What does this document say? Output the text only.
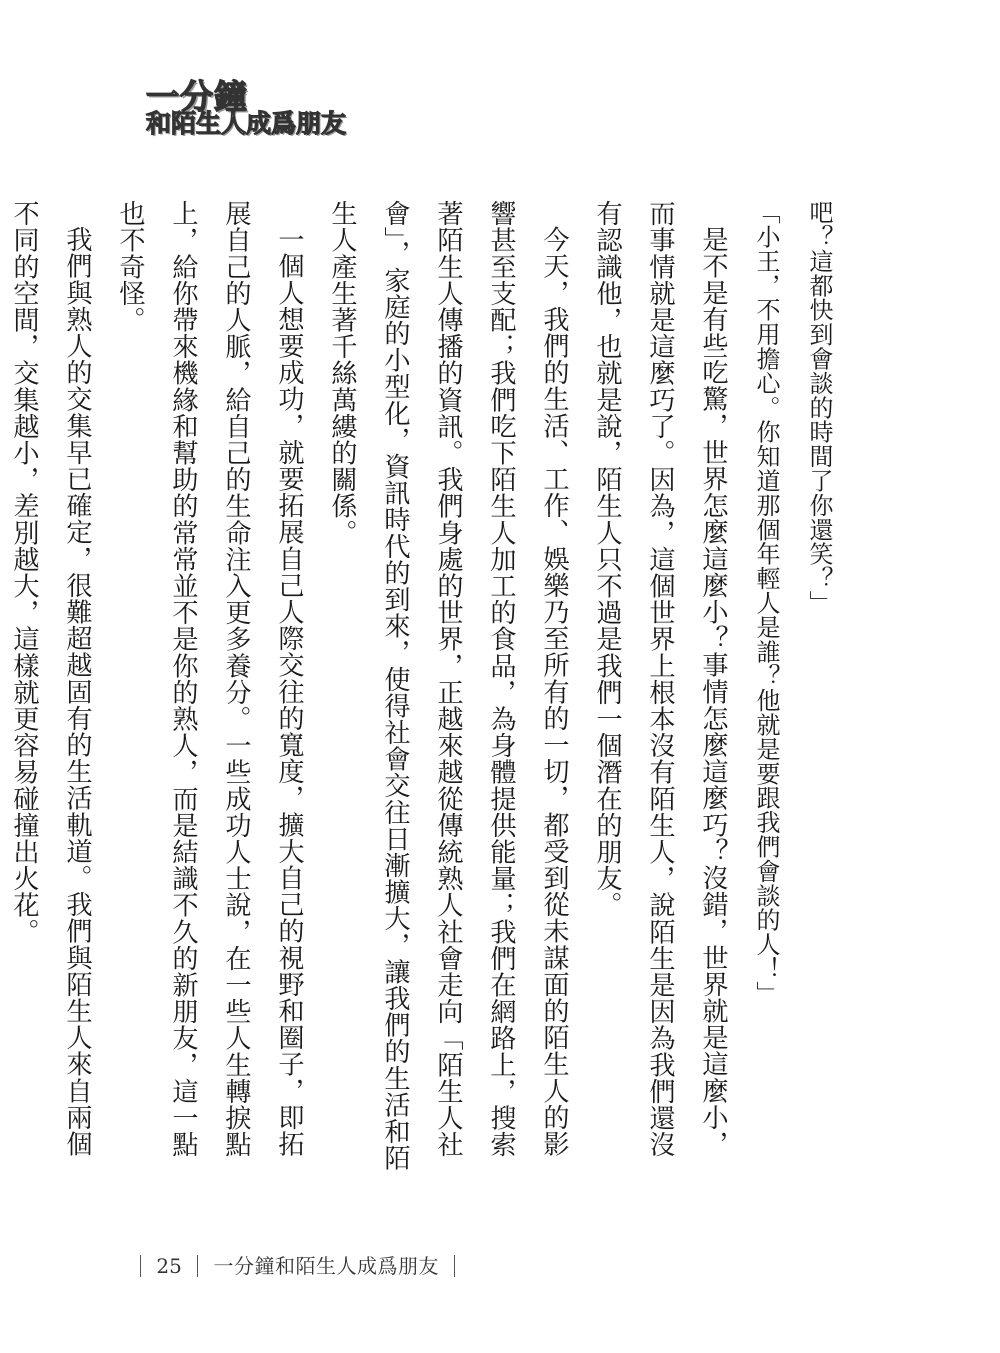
一分鐘
和陌生人成爲朋友

吧？這都快到會談的時間了你還笑？」

「小王，不用擔心。你知道那個年輕人是誰？他就是要跟我們會談的人！」

是不是有些吃驚，世界怎麼這麼小？事情怎麼這麼巧？沒錯，世界就是這麼小，而事情就是這麼巧了。因為，這個世界上根本沒有陌生人，說陌生是因為我們還沒有認識他，也就是說，陌生人只不過是我們一個潛在的朋友。

今天，我們的生活、工作、娛樂乃至所有的一切，都受到從未謀面的陌生人的影響甚至支配；我們吃下陌生人加工的食品，為身體提供能量；我們在網路上，搜索著陌生人傳播的資訊。我們身處的世界，正越來越從傳統熟人社會走向「陌生人社會」，家庭的小型化，資訊時代的到來，使得社會交往日漸擴大，讓我們的生活和陌生人產生著千絲萬縷的關係。

一個人想要成功，就要拓展自己人際交往的寬度，擴大自己的視野和圈子，即拓展自己的人脈，給自己的生命注入更多養分。一些成功人士說，在一些人生轉捩點上，給你帶來機緣和幫助的常常並不是你的熟人，而是結識不久的新朋友，這一點也不奇怪。

我們與熟人的交集早已確定，很難超越固有的生活軌道。我們與陌生人來自兩個不同的空間，交集越小，差別越大，這樣就更容易碰撞出火花。

25 一分鐘和陌生人成爲朋友
